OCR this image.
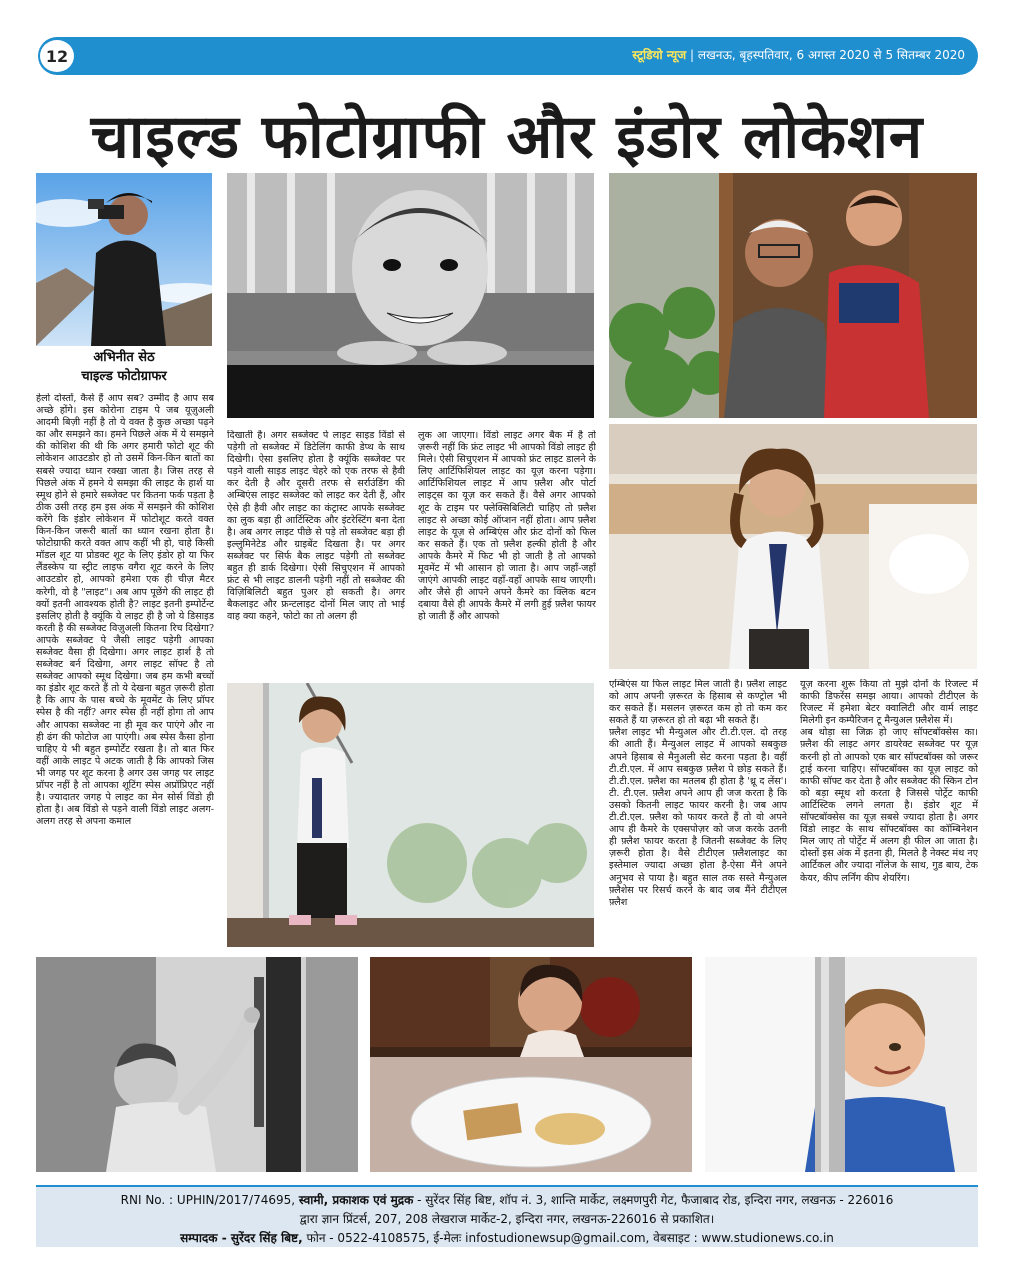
12	स्टूडियो न्यूज | लखनऊ, बृहस्पतिवार, 6 अगस्त 2020 से 5 सितम्बर 2020
चाइल्ड फोटोग्राफी और इंडोर लोकेशन
अभिनीत सेठ
चाइल्ड फोटोग्राफर
हेलो दोस्तों, कैसे हैं आप सब? उम्मीद है आप सब अच्छे होंगे। इस कोरोना टाइम पे जब यूज़ुअली आदमी बिज़ी नहीं है तो ये वक्त है कुछ अच्छा पढ़ने का और समझने का। हमने पिछले अंक में ये समझने की कोशिश की थी कि अगर हमारी फोटो शूट की लोकेशन आउटडोर हो तो उसमें किन-किन बातों का सबसे ज्यादा ध्यान रक्खा जाता है। जिस तरह से पिछले अंक में हमने ये समझा की लाइट के हार्श या स्मूथ होने से हमारे सब्जेक्ट पर कितना फर्क पड़ता है ठीक उसी तरह हम इस अंक में समझने की कोशिश करेंगे कि इंडोर लोकेशन में फोटोशूट करते वक्त किन-किन जरूरी बातों का ध्यान रखना होता है। फोटोग्राफी करते वक्त आप कहीं भी हो, चाहे किसी मॉडल शूट या प्रोडक्ट शूट के लिए इंडोर हो या फिर लैंडस्केप या स्ट्रीट लाइफ वगैरा शूट करने के लिए आउटडोर हो, आपको हमेशा एक ही चीज़ मैटर करेगी, वो है "लाइट"। अब आप पूछेंगे की लाइट ही क्यों इतनी आवश्यक होती है? लाइट इतनी इम्पोर्टेन्ट इसलिए होती है क्यूंकि ये लाइट ही है जो ये डिसाइड करती है की सब्जेक्ट विज़ुअली कितना रिच दिखेगा? आपके सब्जेक्ट पे जैसी लाइट पड़ेगी आपका सब्जेक्ट वैसा ही दिखेगा। अगर लाइट हार्श है तो सब्जेक्ट बर्न दिखेगा, अगर लाइट सॉफ्ट है तो सब्जेक्ट आपको स्मूथ दिखेगा। जब हम कभी बच्चों का इंडोर शूट करते हैं तो ये देखना बहुत ज़रूरी होता है कि आप के पास बच्चे के मूवमेंट के लिए प्रॉपर स्पेस है की नहीं? अगर स्पेस ही नहीं होगा तो आप और आपका सब्जेक्ट ना ही मूव कर पाएंगे और ना ही ढंग की फोटोज आ पाएंगी। अब स्पेस कैसा होना चाहिए ये भी बहुत इम्पोर्टेंट रखता है। तो बात फिर वहीं आके लाइट पे अटक जाती है कि आपको जिस भी जगह पर शूट करना है अगर उस जगह पर लाइट प्रॉपर नहीं है तो आपका शूटिंग स्पेस अप्रॉप्रिएट नहीं है। ज्यादातर जगह पे लाइट का मेन सोर्स विंडो ही होता है। अब विंडो से पड़ने वाली विंडो लाइट अलग-अलग तरह से अपना कमाल
दिखाती है। अगर सब्जेक्ट पे लाइट साइड विंडो से पड़ेगी तो सब्जेक्ट में डिटेलिंग काफी डेप्थ के साथ दिखेगी। ऐसा इसलिए होता है क्यूंकि सब्जेक्ट पर पड़ने वाली साइड लाइट चेहरे को एक तरफ से हैवी कर देती है और दूसरी तरफ से सर्राउंडिंग की अम्बिएंस लाइट सब्जेक्ट को लाइट कर देती हैं, और ऐसे ही हैवी और लाइट का कंट्रास्ट आपके सब्जेक्ट का लुक बड़ा ही आर्टिस्टिक और इंटरेस्टिंग बना देता है। अब अगर लाइट पीछे से पड़े तो सब्जेक्ट बड़ा ही इल्लुमिनेटेड और ग्राइबेंट दिखता है। पर अगर सब्जेक्ट पर सिर्फ बैक लाइट पड़ेगी तो सब्जेक्ट बहुत ही डार्क दिखेगा। ऐसी सिचुएशन में आपको फ्रंट से भी लाइट डालनी पड़ेगी नहीं तो सब्जेक्ट की विज़िबिलिटी बहुत पुअर हो सकती है। अगर बैकलाइट और फ्रन्टलाइट दोनों मिल जाए तो भाई वाह क्या कहने, फोटो का तो अलग ही
लुक आ जाएगा। विंडो लाइट अगर बैक में है तो ज़रूरी नहीं कि फ्रंट लाइट भी आपको विंडो लाइट ही मिले। ऐसी सिचुएशन में आपको फ्रंट लाइट डालने के लिए आर्टिफिशियल लाइट का यूज़ करना पड़ेगा। आर्टिफिशियल लाइट में आप फ़्लैश और पोर्टा लाइट्स का यूज़ कर सकते हैं। वैसे अगर आपको शूट के टाइम पर फ्लेक्सिबिलिटी चाहिए तो फ़्लैश लाइट से अच्छा कोई ऑप्शन नहीं होता। आप फ़्लैश लाइट के यूज़ से अम्बिएंस और फ्रंट दोनों को फिल कर सकते हैं। एक तो फ़्लैश हल्की होती है और आपके कैमरे में फिट भी हो जाती है तो आपको मूवमेंट में भी आसान हो जाता है। आप जहाँ-जहाँ जाएंगे आपकी लाइट वहाँ-वहाँ आपके साथ जाएगी। और जैसे ही आपने अपने कैमरे का क्लिक बटन दबाया वैसे ही आपके कैमरे में लगी हुई फ़्लैश फायर हो जाती हैं और आपको
एम्बिएंस या फिल लाइट मिल जाती है। फ़्लैश लाइट को आप अपनी ज़रूरत के हिसाब से कण्ट्रोल भी कर सकते हैं। मसलन ज़रूरत कम हो तो कम कर सकते हैं या ज़रूरत हो तो बढ़ा भी सकते हैं।
फ़्लैश लाइट भी मैन्युअल और टी.टी.एल. दो तरह की आती हैं। मैन्युअल लाइट में आपको सबकुछ अपने हिसाब से मैनुअली सेट करना पड़ता है। वहीं टी.टी.एल. में आप सबकुछ फ़्लैश पे छोड़ सकते हैं। टी.टी.एल. फ़्लैश का मतलब ही होता है 'थ्रू द लेंस'। टी. टी.एल. फ़्लैश अपने आप ही जज करता है कि उसको कितनी लाइट फायर करनी है। जब आप टी.टी.एल. फ़्लैश को फायर करते हैं तो वो अपने आप ही कैमरे के एक्सपोज़र को जज करके उतनी ही फ़्लैश फायर करता है जितनी सब्जेक्ट के लिए ज़रूरी होता है। वैसे टीटीएल फ़्लैशलाइट का इस्तेमाल ज्यादा अच्छा होता है-ऐसा मैंने अपने अनुभव से पाया है। बहुत साल तक सस्ते मैन्युअल फ़्लैशेस पर रिसर्च करने के बाद जब मैंने टीटीएल फ़्लैश
यूज़ करना शुरू किया तो मुझे दोनों के रिजल्ट में काफी डिफरेंस समझ आया। आपको टीटीएल के रिजल्ट में हमेशा बेटर क्वालिटी और वार्म लाइट मिलेगी इन कम्पैरिजन टू मैन्युअल फ़्लैशेस में।
अब थोड़ा सा जिक्र हो जाए सॉफ्टबॉक्सेस का। फ़्लैश की लाइट अगर डायरेक्ट सब्जेक्ट पर यूज़ करनी हो तो आपको एक बार सॉफ्टबॉक्स को जरूर ट्राई करना चाहिए। सॉफ्टबॉक्स का यूज़ लाइट को काफी सॉफ्ट कर देता है और सब्जेक्ट की स्किन टोन को बड़ा स्मूथ शो करता है जिससे पोर्ट्रेट काफी आर्टिस्टिक लगने लगता है। इंडोर शूट में सॉफ्टबॉक्सेस का यूज़ सबसे ज्यादा होता है। अगर विंडो लाइट के साथ सॉफ्टबॉक्स का कॉम्बिनेशन मिल जाए तो पोर्ट्रेट में अलग ही फील आ जाता है। दोस्तों इस अंक में इतना ही, मिलते है नेक्स्ट मंथ नए आर्टिकल और ज्यादा नॉलेज के साथ, गुड बाय, टेक केयर, कीप लर्निंग कीप शेयरिंग।
RNI No. : UPHIN/2017/74695, स्वामी, प्रकाशक एवं मुद्रक - सुरेंदर सिंह बिष्ट, शॉप नं. 3, शान्ति मार्केट, लक्ष्मणपुरी गेट, फैजाबाद रोड, इन्दिरा नगर, लखनऊ - 226016
द्वारा ज्ञान प्रिंटर्स, 207, 208 लेखराज मार्केट-2, इन्दिरा नगर, लखनऊ-226016 से प्रकाशित।
सम्पादक - सुरेंदर सिंह बिष्ट, फोन - 0522-4108575, ई-मेलः infostudionewsup@gmail.com, वेबसाइट : www.studionews.co.in
